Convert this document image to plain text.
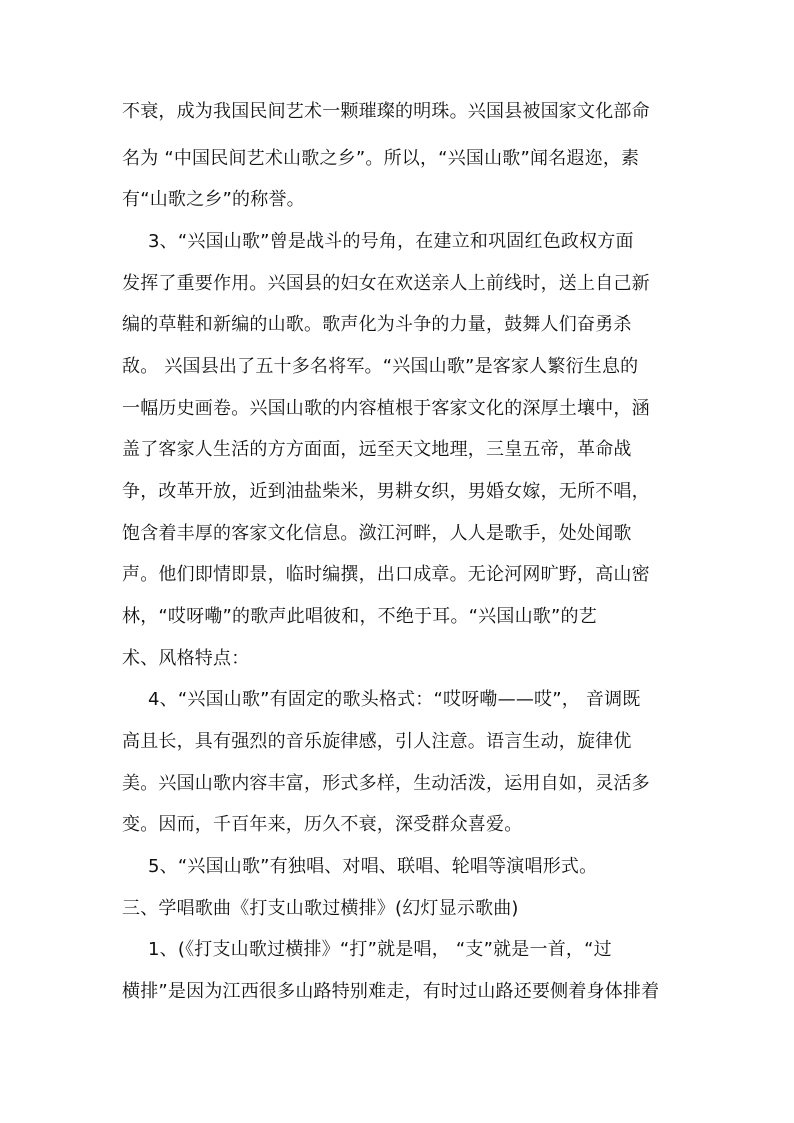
不衰，成为我国民间艺术一颗璀璨的明珠。兴国县被国家文化部命
名为 “中国民间艺术山歌之乡”。所以，“兴国山歌”闻名遐迩，素
有“山歌之乡”的称誉。
3、“兴国山歌”曾是战斗的号角，在建立和巩固红色政权方面
发挥了重要作用。兴国县的妇女在欢送亲人上前线时，送上自己新
编的草鞋和新编的山歌。歌声化为斗争的力量，鼓舞人们奋勇杀
敌。 兴国县出了五十多名将军。“兴国山歌”是客家人繁衍生息的
一幅历史画卷。兴国山歌的内容植根于客家文化的深厚土壤中，涵
盖了客家人生活的方方面面，远至天文地理，三皇五帝，革命战
争，改革开放，近到油盐柴米，男耕女织，男婚女嫁，无所不唱，
饱含着丰厚的客家文化信息。潋江河畔，人人是歌手，处处闻歌
声。他们即情即景，临时编撰，出口成章。无论河网旷野，高山密
林，“哎呀嘞”的歌声此唱彼和，不绝于耳。“兴国山歌”的艺
术、风格特点：
4、“兴国山歌”有固定的歌头格式：“哎呀嘞——哎”， 音调既
高且长，具有强烈的音乐旋律感，引人注意。语言生动，旋律优
美。兴国山歌内容丰富，形式多样，生动活泼，运用自如，灵活多
变。因而，千百年来，历久不衰，深受群众喜爱。
5、“兴国山歌”有独唱、对唱、联唱、轮唱等演唱形式。
三、学唱歌曲《打支山歌过横排》(幻灯显示歌曲)
1、(《打支山歌过横排》“打”就是唱， “支”就是一首，“过
横排”是因为江西很多山路特别难走，有时过山路还要侧着身体排着
